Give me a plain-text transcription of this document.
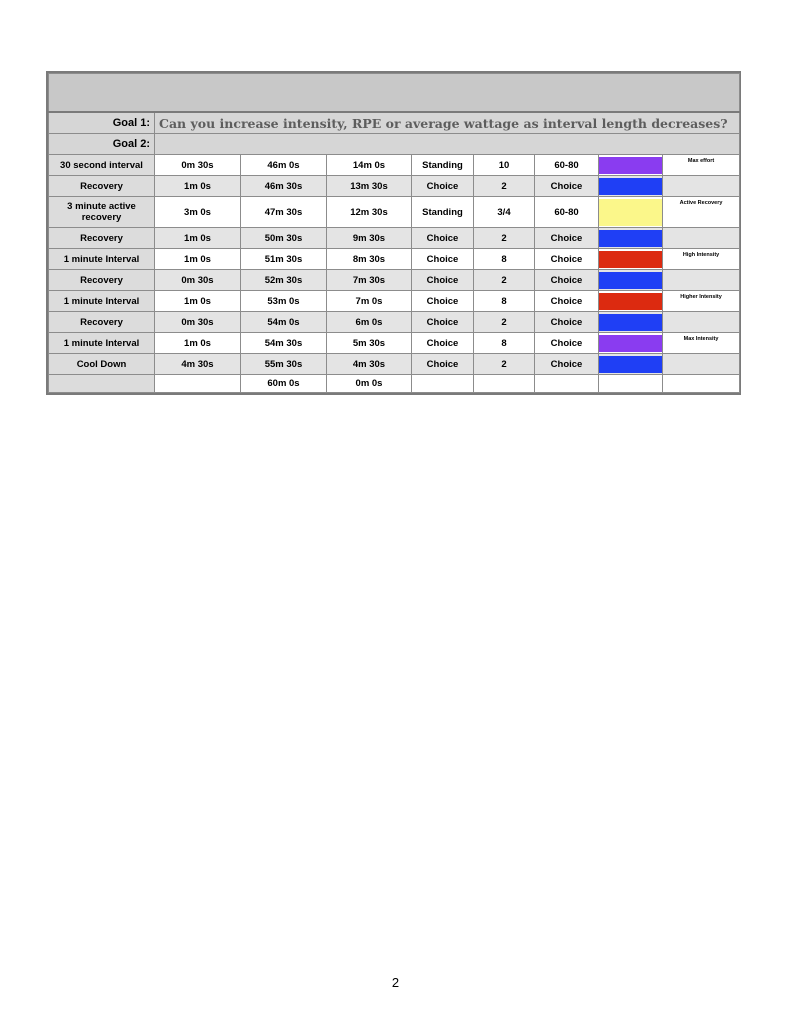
Goal 1:	Can you increase intensity, RPE or average wattage as interval length decreases?							
Goal 2:								
30 second interval	0m 30s	46m 0s	14m 0s	Standing	10	60-80		Max effort
Recovery	1m 0s	46m 30s	13m 30s	Choice	2	Choice	

3 minute active recovery	3m 0s	47m 30s	12m 30s	Standing	3/4	60-80		Active Recovery
Recovery	1m 0s	50m 30s	9m 30s	Choice	2	Choice	

1 minute Interval	1m 0s	51m 30s	8m 30s	Choice	8	Choice		High Intensity
Recovery	0m 30s	52m 30s	7m 30s	Choice	2	Choice	

1 minute Interval	1m 0s	53m 0s	7m 0s	Choice	8	Choice		Higher Intensity
Recovery	0m 30s	54m 0s	6m 0s	Choice	2	Choice	

1 minute Interval	1m 0s	54m 30s	5m 30s	Choice	8	Choice		Max Intensity
Cool Down	4m 30s	55m 30s	4m 30s	Choice	2	Choice	

		60m 0s	0m 0s					
2
